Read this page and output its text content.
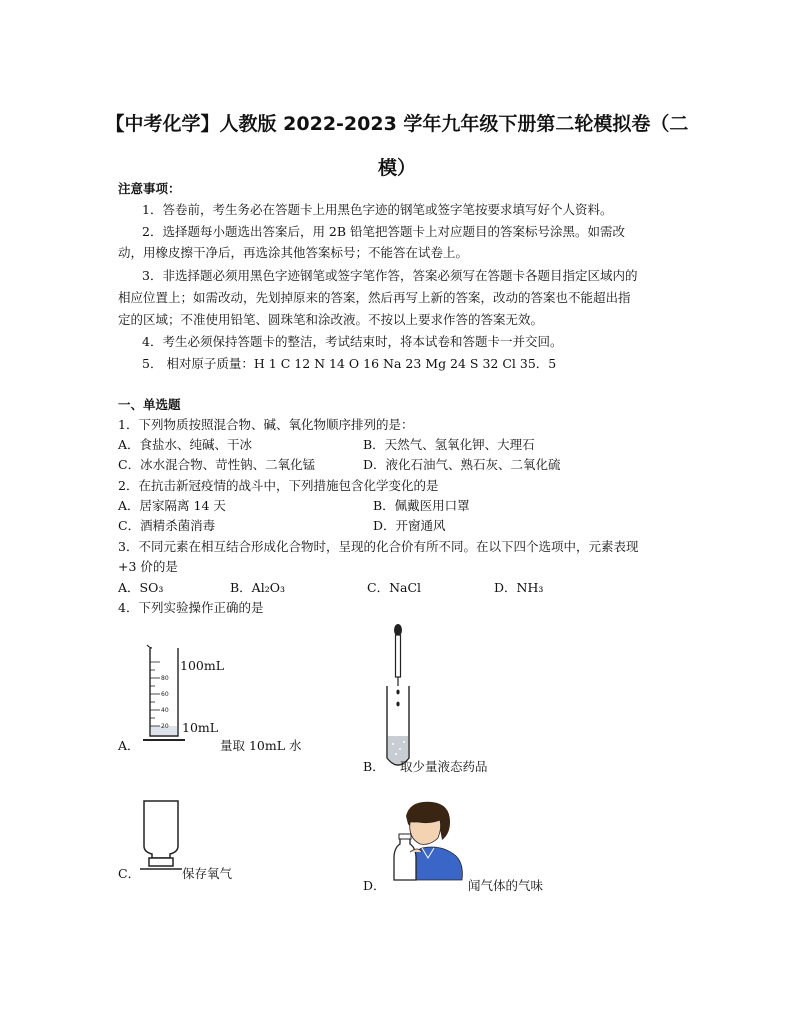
【中考化学】人教版 2022-2023 学年九年级下册第二轮模拟卷（二模）
注意事项：
1．答卷前，考生务必在答题卡上用黑色字迹的钢笔或签字笔按要求填写好个人资料。
2．选择题每小题选出答案后，用 2B 铅笔把答题卡上对应题目的答案标号涂黑。如需改
动，用橡皮擦干净后，再选涂其他答案标号；不能答在试卷上。
3．非选择题必须用黑色字迹钢笔或签字笔作答，答案必须写在答题卡各题目指定区域内的
相应位置上；如需改动，先划掉原来的答案，然后再写上新的答案，改动的答案也不能超出指
定的区域；不准使用铅笔、圆珠笔和涂改液。不按以上要求作答的答案无效。
4．考生必须保持答题卡的整洁，考试结束时，将本试卷和答题卡一并交回。
5． 相对原子质量：H 1 C 12 N 14 O 16 Na 23 Mg 24 S 32 Cl 35．5
一、单选题
1．下列物质按照混合物、碱、氧化物顺序排列的是：
A．食盐水、纯碱、干冰	B．天然气、氢氧化钾、大理石
C．冰水混合物、苛性钠、二氧化锰	D．液化石油气、熟石灰、二氧化硫
2．在抗击新冠疫情的战斗中，下列措施包含化学变化的是
A．居家隔离 14 天	B．佩戴医用口罩
C．酒精杀菌消毒	D．开窗通风
3．不同元素在相互结合形成化合物时，呈现的化合价有所不同。在以下四个选项中，元素表现
+3 价的是
A．SO₃	B．Al₂O₃	C．NaCl	D．NH₃
4．下列实验操作正确的是
80
60
40
20
100mL
10mL
A．	量取 10mL 水
B． 取少量液态药品
C．	保存氧气
D．	闻气体的气味
